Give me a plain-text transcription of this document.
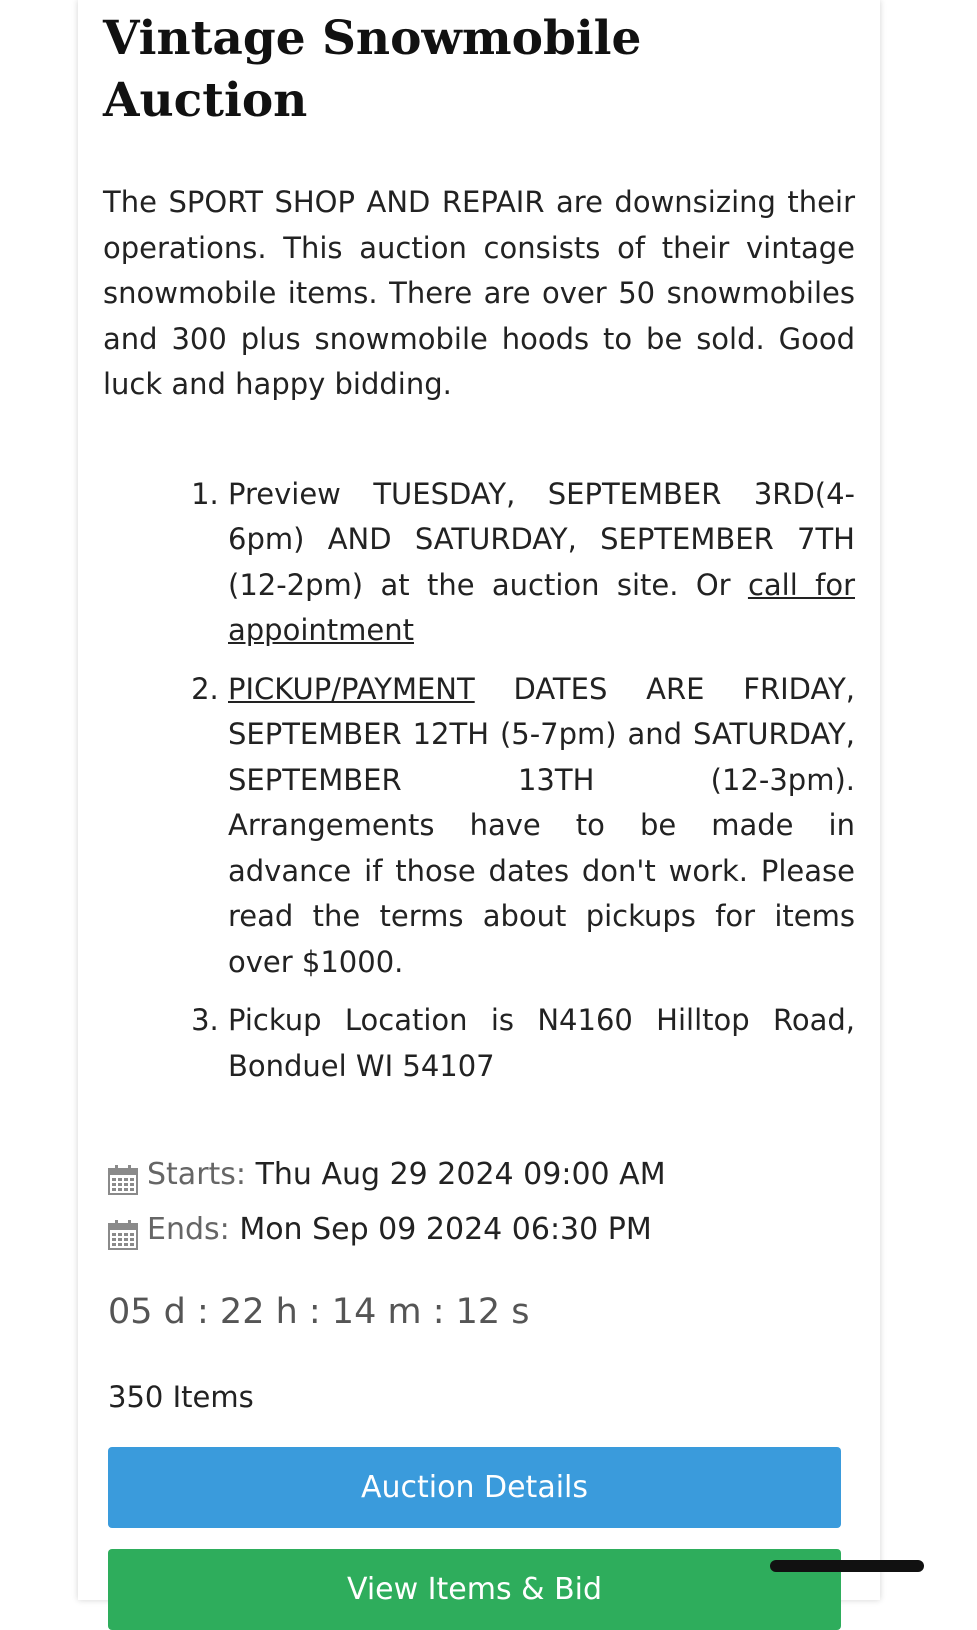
Vintage Snowmobile Auction

The SPORT SHOP AND REPAIR are downsizing their operations. This auction consists of their vintage snowmobile items. There are over 50 snowmobiles and 300 plus snowmobile hoods to be sold. Good luck and happy bidding.

1. Preview TUESDAY, SEPTEMBER 3RD(4-6pm) AND SATURDAY, SEPTEMBER 7TH (12-2pm) at the auction site. Or call for appointment
2. PICKUP/PAYMENT DATES ARE FRIDAY, SEPTEMBER 12TH (5-7pm) and SATURDAY, SEPTEMBER 13TH (12-3pm). Arrangements have to be made in advance if those dates don't work. Please read the terms about pickups for items over $1000.
3. Pickup Location is N4160 Hilltop Road, Bonduel WI 54107
Starts : Thu Aug 29 2024 09:00 AM
Ends : Mon Sep 09 2024 06:30 PM
05 d : 22 h : 14 m : 12 s
350 Items
Auction Details
View Items & Bid
